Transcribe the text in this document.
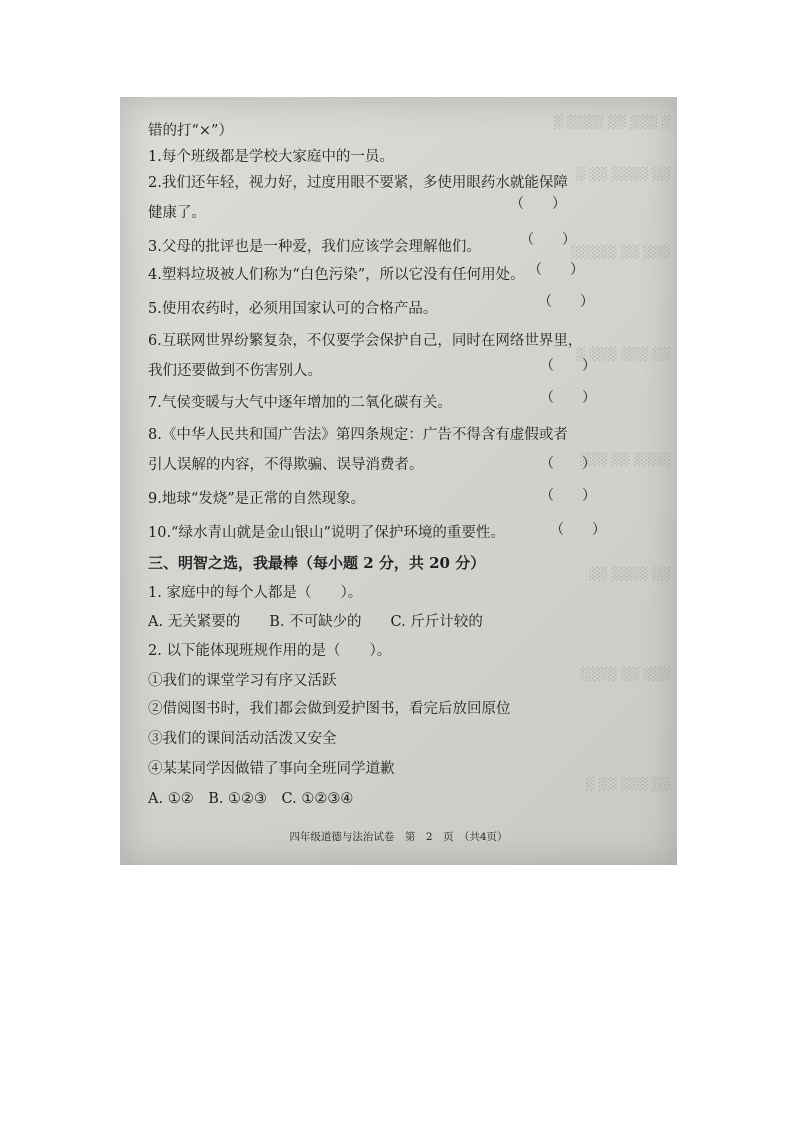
░ ░░░ ░░ ░░░░ ░
░░ ░░░░ ░░ ░
░░░ ░░ ░░░░░
░░ ░░░ ░░░ ░
░░░░ ░░ ░░░
░░ ░░░░ ░░
░░░ ░░ ░░░░
░░ ░░░ ░░ ░
错的打“×”）
1.每个班级都是学校大家庭中的一员。
2.我们还年轻，视力好，过度用眼不要紧，多使用眼药水就能保障
健康了。
（　　）
3.父母的批评也是一种爱，我们应该学会理解他们。	（　　）
4.塑料垃圾被人们称为“白色污染”，所以它没有任何用处。 （　　）
5.使用农药时，必须用国家认可的合格产品。	（　　）
6.互联网世界纷繁复杂，不仅要学会保护自己，同时在网络世界里，
我们还要做到不伤害别人。	（　　）
7.气侯变暖与大气中逐年增加的二氧化碳有关。	（　　）
8.《中华人民共和国广告法》第四条规定：广告不得含有虚假或者
引人误解的内容，不得欺骗、误导消费者。	（　　）
9.地球“发烧”是正常的自然现象。	（　　）
10.“绿水青山就是金山银山”说明了保护环境的重要性。	（　　）
三、明智之选，我最棒（每小题 2 分，共 20 分）
1. 家庭中的每个人都是（　　）。
A. 无关紧要的　　B. 不可缺少的　　C. 斤斤计较的
2. 以下能体现班规作用的是（　　）。
①我们的课堂学习有序又活跃
②借阅图书时，我们都会做到爱护图书，看完后放回原位
③我们的课间活动活泼又安全
④某某同学因做错了事向全班同学道歉
A. ①②　B. ①②③　C. ①②③④
四年级道德与法治试卷　第　2　页　（共4页）
